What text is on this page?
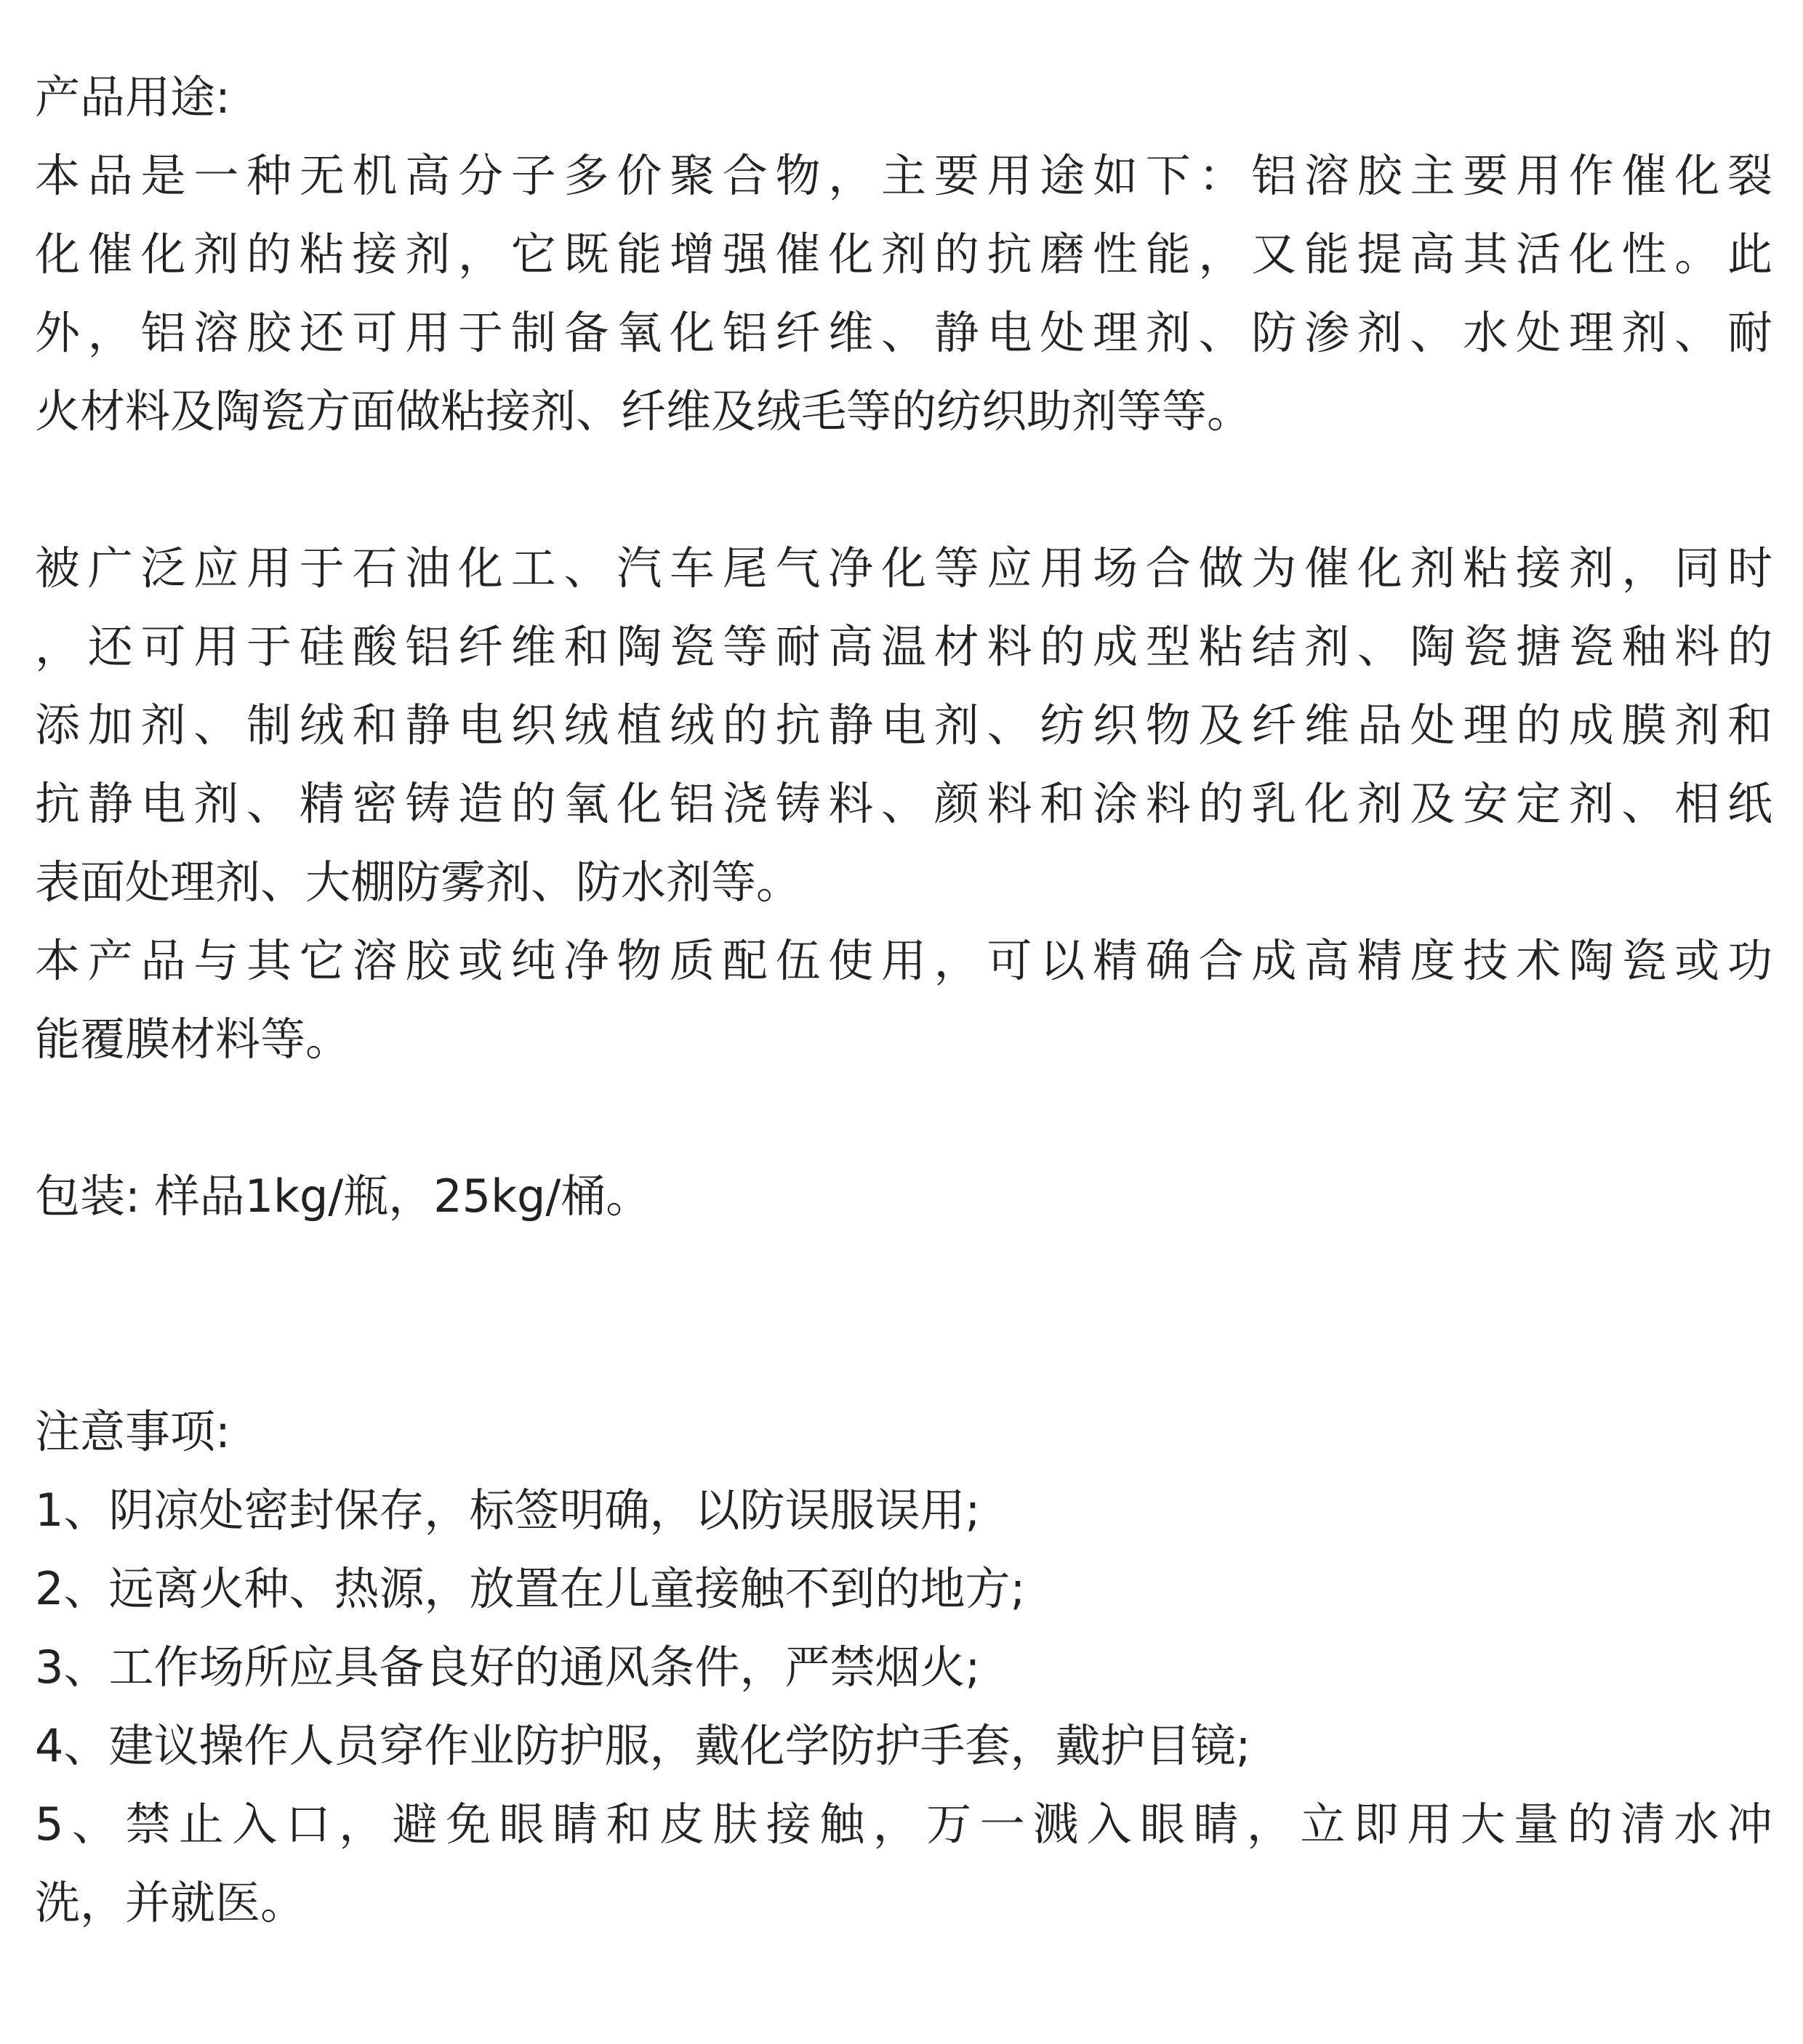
产品用途:
本品是一种无机高分子多价聚合物，主要用途如下：铝溶胶主要用作催化裂
化催化剂的粘接剂，它既能增强催化剂的抗磨性能，又能提高其活化性。此
外，铝溶胶还可用于制备氧化铝纤维、静电处理剂、防渗剂、水处理剂、耐
火材料及陶瓷方面做粘接剂、纤维及绒毛等的纺织助剂等等。
被广泛应用于石油化工、汽车尾气净化等应用场合做为催化剂粘接剂，同时
，还可用于硅酸铝纤维和陶瓷等耐高温材料的成型粘结剂、陶瓷搪瓷釉料的
添加剂、制绒和静电织绒植绒的抗静电剂、纺织物及纤维品处理的成膜剂和
抗静电剂、精密铸造的氧化铝浇铸料、颜料和涂料的乳化剂及安定剂、相纸
表面处理剂、大棚防雾剂、防水剂等。
本产品与其它溶胶或纯净物质配伍使用，可以精确合成高精度技术陶瓷或功
能覆膜材料等。
包装: 样品1kg/瓶，25kg/桶。
注意事项:
1、阴凉处密封保存，标签明确，以防误服误用;
2、远离火种、热源，放置在儿童接触不到的地方;
3、工作场所应具备良好的通风条件，严禁烟火;
4、建议操作人员穿作业防护服，戴化学防护手套，戴护目镜;
5、禁止入口，避免眼睛和皮肤接触，万一溅入眼睛，立即用大量的清水冲
洗，并就医。
